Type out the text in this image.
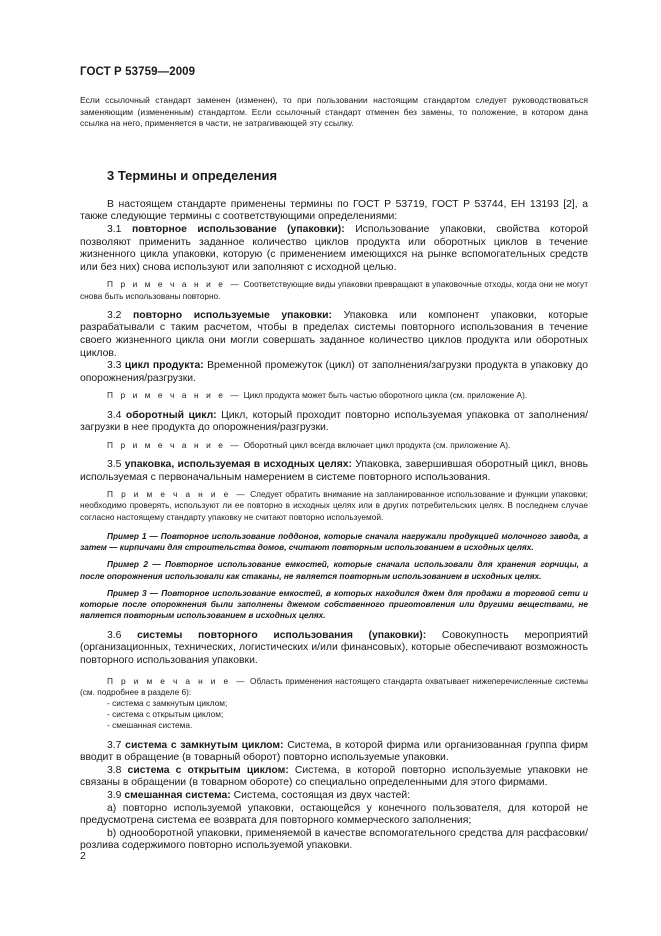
ГОСТ Р 53759—2009

Если ссылочный стандарт заменен (изменен), то при пользовании настоящим стандартом следует руководствоваться заменяющим (измененным) стандартом. Если ссылочный стандарт отменен без замены, то положение, в котором дана ссылка на него, применяется в части, не затрагивающей эту ссылку.

3 Термины и определения

В настоящем стандарте применены термины по ГОСТ Р 53719, ГОСТ Р 53744, ЕН 13193 [2], а также следующие термины с соответствующими определениями:

3.1 повторное использование (упаковки): Использование упаковки, свойства которой позволяют применить заданное количество циклов продукта или оборотных циклов в течение жизненного цикла упаковки, которую (с применением имеющихся на рынке вспомогательных средств или без них) снова используют или заполняют с исходной целью.

П р и м е ч а н и е — Соответствующие виды упаковки превращают в упаковочные отходы, когда они не могут снова быть использованы повторно.

3.2 повторно используемые упаковки: Упаковка или компонент упаковки, которые разрабатывали с таким расчетом, чтобы в пределах системы повторного использования в течение своего жизненного цикла они могли совершать заданное количество циклов продукта или оборотных циклов.

3.3 цикл продукта: Временной промежуток (цикл) от заполнения/загрузки продукта в упаковку до опорожнения/разгрузки.

П р и м е ч а н и е — Цикл продукта может быть частью оборотного цикла (см. приложение А).

3.4 оборотный цикл: Цикл, который проходит повторно используемая упаковка от заполнения/загрузки в нее продукта до опорожнения/разгрузки.

П р и м е ч а н и е — Оборотный цикл всегда включает цикл продукта (см. приложение А).

3.5 упаковка, используемая в исходных целях: Упаковка, завершившая оборотный цикл, вновь используемая с первоначальным намерением в системе повторного использования.

П р и м е ч а н и е — Следует обратить внимание на запланированное использование и функции упаковки; необходимо проверять, используют ли ее повторно в исходных целях или в других потребительских целях. В последнем случае согласно настоящему стандарту упаковку не считают повторно используемой.

Пример 1 — Повторное использование поддонов, которые сначала нагружали продукцией молочного завода, а затем — кирпичами для строительства домов, считают повторным использованием в исходных целях.

Пример 2 — Повторное использование емкостей, которые сначала использовали для хранения горчицы, а после опорожнения использовали как стаканы, не является повторным использованием в исходных целях.

Пример 3 — Повторное использование емкостей, в которых находился джем для продажи в торговой сети и которые после опорожнения были заполнены джемом собственного приготовления или другими веществами, не является повторным использованием в исходных целях.

3.6 системы повторного использования (упаковки): Совокупность мероприятий (организационных, технических, логистических и/или финансовых), которые обеспечивают возможность повторного использования упаковки.

П р и м е ч а н и е — Область применения настоящего стандарта охватывает нижеперечисленные системы (см. подробнее в разделе 6):

- система с замкнутым циклом;

- система с открытым циклом;

- смешанная система.

3.7 система с замкнутым циклом: Система, в которой фирма или организованная группа фирм вводит в обращение (в товарный оборот) повторно используемые упаковки.

3.8 система с открытым циклом: Система, в которой повторно используемые упаковки не связаны в обращении (в товарном обороте) со специально определенными для этого фирмами.

3.9 смешанная система: Система, состоящая из двух частей:

а) повторно используемой упаковки, остающейся у конечного пользователя, для которой не предусмотрена система ее возврата для повторного коммерческого заполнения;

b) одноoборотной упаковки, применяемой в качестве вспомогательного средства для расфасовки/розлива содержимого повторно используемой упаковки.

2
